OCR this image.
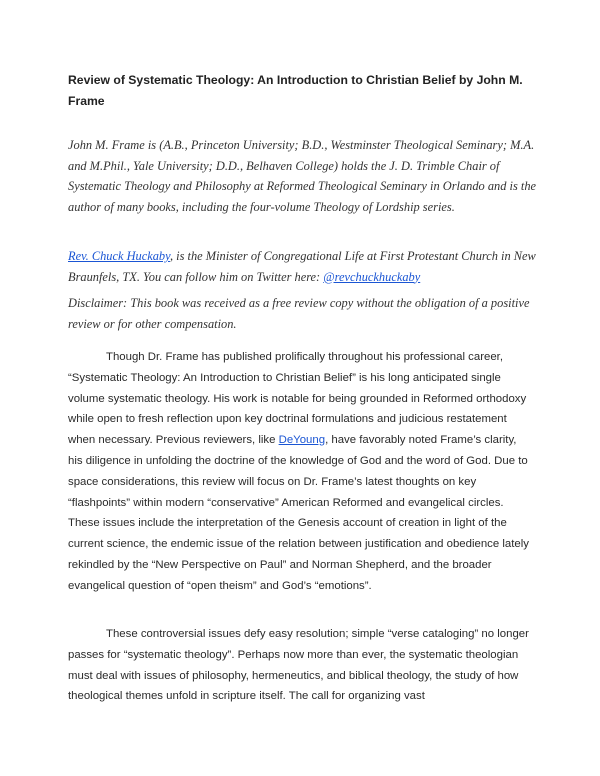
Review of Systematic Theology: An Introduction to Christian Belief by John M. Frame

John M. Frame is (A.B., Princeton University; B.D., Westminster Theological Seminary; M.A. and M.Phil., Yale University; D.D., Belhaven College) holds the J. D. Trimble Chair of Systematic Theology and Philosophy at Reformed Theological Seminary in Orlando and is the author of many books, including the four-volume Theology of Lordship series.

Rev. Chuck Huckaby, is the Minister of Congregational Life at First Protestant Church in New Braunfels, TX. You can follow him on Twitter here: @revchuckhuckaby

Disclaimer: This book was received as a free review copy without the obligation of a positive review or for other compensation.

Though Dr. Frame has published prolifically throughout his professional career, “Systematic Theology: An Introduction to Christian Belief” is his long anticipated single volume systematic theology. His work is notable for being grounded in Reformed orthodoxy while open to fresh reflection upon key doctrinal formulations and judicious restatement when necessary. Previous reviewers, like DeYoung, have favorably noted Frame’s clarity, his diligence in unfolding the doctrine of the knowledge of God and the word of God. Due to space considerations, this review will focus on Dr. Frame’s latest thoughts on key “flashpoints” within modern “conservative” American Reformed and evangelical circles. These issues include the interpretation of the Genesis account of creation in light of the current science, the endemic issue of the relation between justification and obedience lately rekindled by the “New Perspective on Paul” and Norman Shepherd, and the broader evangelical question of “open theism” and God’s “emotions”.

These controversial issues defy easy resolution; simple “verse cataloging” no longer passes for “systematic theology”. Perhaps now more than ever, the systematic theologian must deal with issues of philosophy, hermeneutics, and biblical theology, the study of how theological themes unfold in scripture itself. The call for organizing vast
